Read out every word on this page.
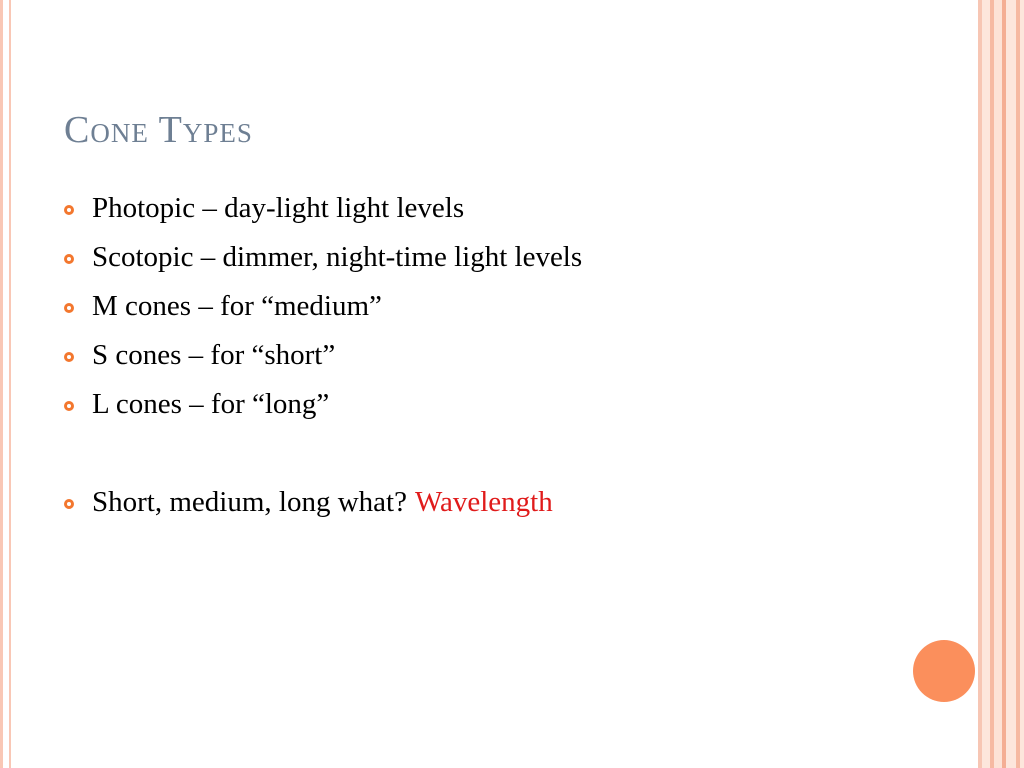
Cone Types
Photopic – day-light light levels
Scotopic – dimmer, night-time light levels
M cones – for “medium”
S cones – for “short”
L cones – for “long”
Short, medium, long what? Wavelength
